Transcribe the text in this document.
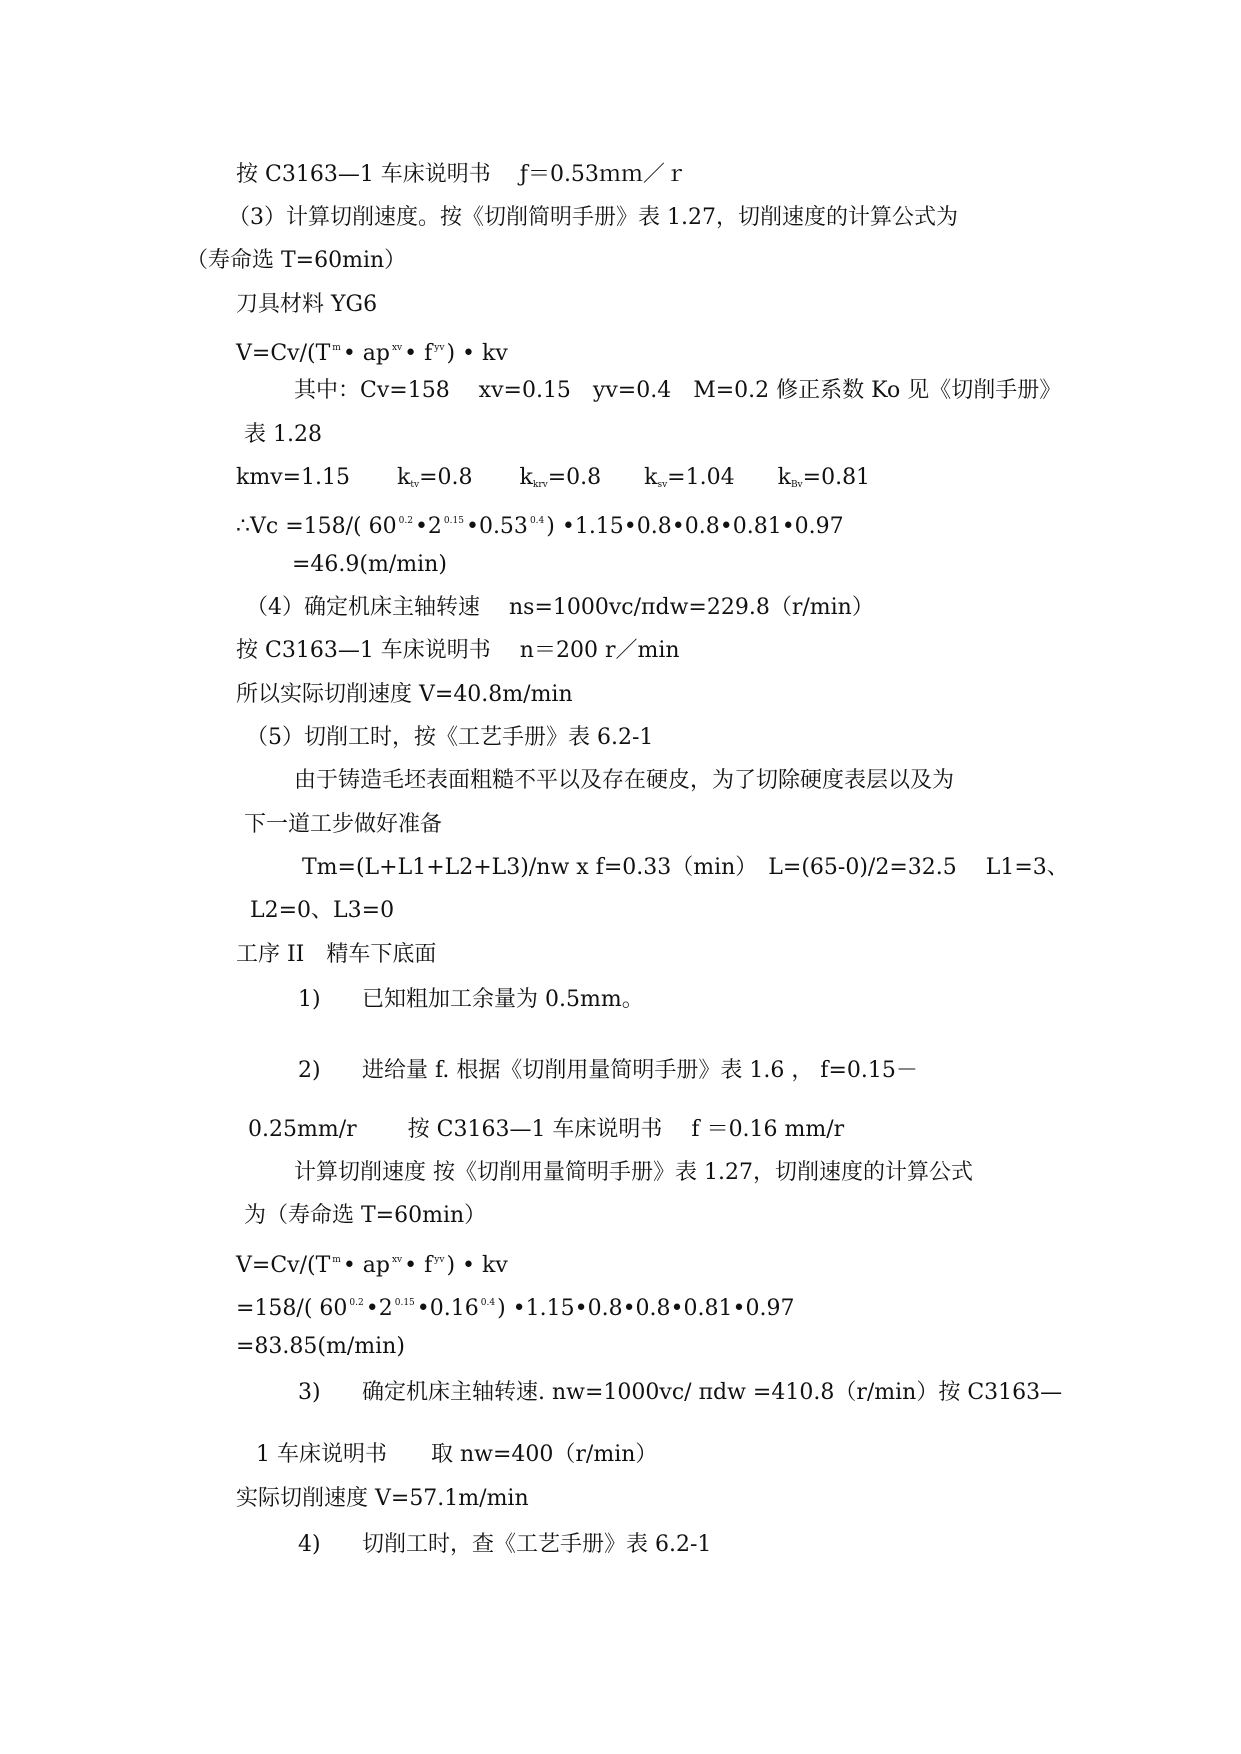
按 C3163—1 车床说明书　 ƒ＝0.53ｍｍ／ｒ
（3）计算切削速度。按《切削简明手册》表 1.27，切削速度的计算公式为
（寿命选 T=60min）
刀具材料 YG6
V=Cv/(T $^m$• ap $^{xv}$• f $^{yv}$) • kv
其中：Cv=158　 xv=0.15　yv=0.4　M=0.2 修正系数 Ko 见《切削手册》
表 1.28
kmv=1.15 $k_{tv}=0.8$ $k_{krv}=0.8$ $k_{sv}=1.04$ $k_{Bv}=0.81$
∴Vc =158/( 60 $^{0.2}$•2 $^{0.15}$•0.53 $^{0.4}$) •1.15•0.8•0.8•0.81•0.97
=46.9(m/min)
（4）确定机床主轴转速　 ns=1000vc/πdw=229.8（r/min）
按 C3163—1 车床说明书　 n＝200 r／min
所以实际切削速度 V=40.8m/min
（5）切削工时，按《工艺手册》表 6.2-1
由于铸造毛坯表面粗糙不平以及存在硬皮，为了切除硬度表层以及为
下一道工步做好准备
Tm=(L+L1+L2+L3)/nw x f=0.33（min）　L=(65-0)/2=32.5　 L1=3、
L2=0、L3=0
工序 II　精车下底面
1) 已知粗加工余量为 0.5mm。
2) 进给量 f. 根据《切削用量简明手册》表 1.6 ， f=0.15－
0.25mm/r　　 按 C3163—1 车床说明书　 f ＝0.16 mm/r
计算切削速度 按《切削用量简明手册》表 1.27，切削速度的计算公式
为（寿命选 T=60min）
V=Cv/(T $^m$• ap $^{xv}$• f $^{yv}$) • kv
=158/( 60 $^{0.2}$•2 $^{0.15}$•0.16 $^{0.4}$) •1.15•0.8•0.8•0.81•0.97
=83.85(m/min)
3) 确定机床主轴转速. nw=1000vc/ πdw =410.8（r/min）按 C3163—
1 车床说明书　　取 nw=400（r/min）
实际切削速度 V=57.1m/min
4) 切削工时，查《工艺手册》表 6.2-1
